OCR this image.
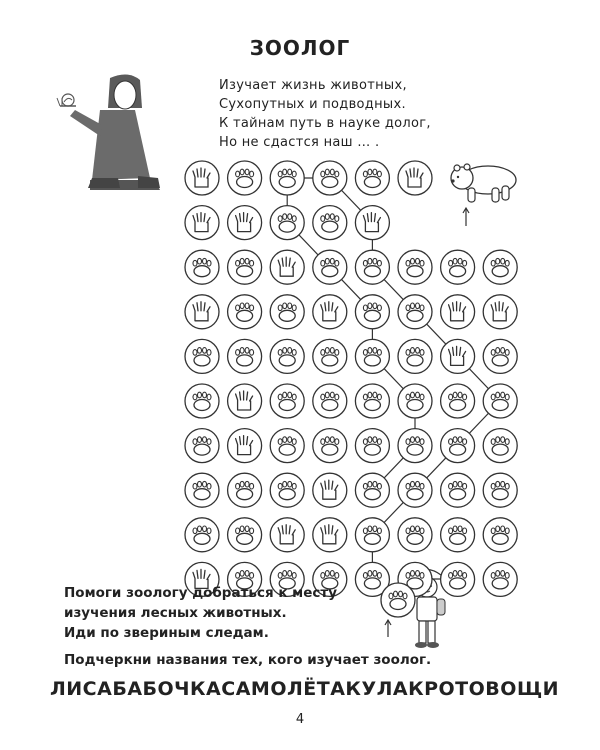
ЗООЛОГ
Изучает жизнь животных,
Сухопутных и подводных.
К тайнам путь в науке долог,
Но не сдастся наш … .
Помоги зоологу добраться к месту
изучения лесных животных.
Иди по звериным следам.
Подчеркни названия тех, кого изучает зоолог.
ЛИСА БАБОЧКА САМОЛЁТ АКУЛА КРОТ ОВОЩИ
4
